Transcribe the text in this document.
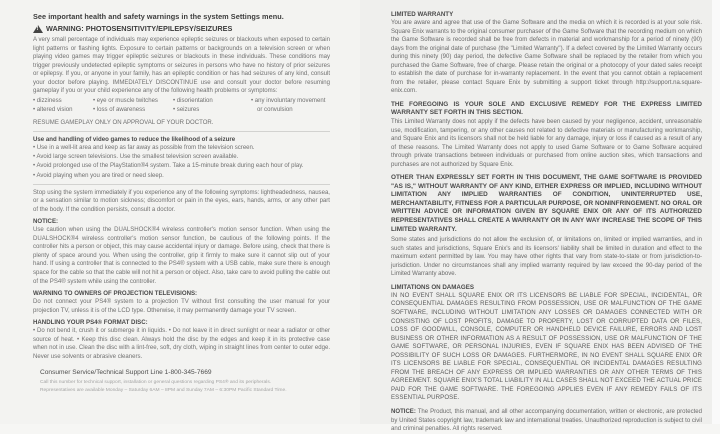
See important health and safety warnings in the system Settings menu.

!
WARNING: PHOTOSENSITIVITY/EPILEPSY/SEIZURES

A very small percentage of individuals may experience epileptic seizures or blackouts when exposed to certain light patterns or flashing lights. Exposure to certain patterns or backgrounds on a television screen or when playing video games may trigger epileptic seizures or blackouts in these individuals. These conditions may trigger previously undetected epileptic symptoms or seizures in persons who have no history of prior seizures or epilepsy. If you, or anyone in your family, has an epileptic condition or has had seizures of any kind, consult your doctor before playing. IMMEDIATELY DISCONTINUE use and consult your doctor before resuming gameplay if you or your child experience any of the following health problems or symptoms:

• dizziness
• altered vision
• eye or muscle twitches
• loss of awareness
• disorientation
• seizures
• any involuntary movement
or convulsion

RESUME GAMEPLAY ONLY ON APPROVAL OF YOUR DOCTOR.

Use and handling of video games to reduce the likelihood of a seizure

• Use in a well-lit area and keep as far away as possible from the television screen.

• Avoid large screen televisions. Use the smallest television screen available.

• Avoid prolonged use of the PlayStation®4 system. Take a 15-minute break during each hour of play.

• Avoid playing when you are tired or need sleep.

Stop using the system immediately if you experience any of the following symptoms: lightheadedness, nausea, or a sensation similar to motion sickness; discomfort or pain in the eyes, ears, hands, arms, or any other part of the body. If the condition persists, consult a doctor.

NOTICE:

Use caution when using the DUALSHOCK®4 wireless controller's motion sensor function. When using the DUALSHOCK®4 wireless controller's motion sensor function, be cautious of the following points. If the controller hits a person or object, this may cause accidental injury or damage. Before using, check that there is plenty of space around you. When using the controller, grip it firmly to make sure it cannot slip out of your hand. If using a controller that is connected to the PS4® system with a USB cable, make sure there is enough space for the cable so that the cable will not hit a person or object. Also, take care to avoid pulling the cable out of the PS4® system while using the controller.

WARNING TO OWNERS OF PROJECTION TELEVISIONS:

Do not connect your PS4® system to a projection TV without first consulting the user manual for your projection TV, unless it is of the LCD type. Otherwise, it may permanently damage your TV screen.

HANDLING YOUR PS4® FORMAT DISC:

• Do not bend it, crush it or submerge it in liquids. • Do not leave it in direct sunlight or near a radiator or other source of heat. • Keep this disc clean. Always hold the disc by the edges and keep it in its protective case when not in use. Clean the disc with a lint-free, soft, dry cloth, wiping in straight lines from center to outer edge. Never use solvents or abrasive cleaners.

Consumer Service/Technical Support Line 1-800-345-7669

Call this number for technical support, installation or general questions regarding PS4® and its peripherals.

Representatives are available Monday – Saturday 6AM – 8PM and Sunday 7AM – 6:30PM Pacific Standard Time.

LIMITED WARRANTY

You are aware and agree that use of the Game Software and the media on which it is recorded is at your sole risk. Square Enix warrants to the original consumer purchaser of the Game Software that the recording medium on which the Game Software is recorded shall be free from defects in material and workmanship for a period of ninety (90) days from the original date of purchase (the "Limited Warranty"). If a defect covered by the Limited Warranty occurs during this ninety (90) day period, the defective Game Software shall be replaced by the retailer from which you purchased the Game Software, free of charge. Please retain the original or a photocopy of your dated sales receipt to establish the date of purchase for in-warranty replacement. In the event that you cannot obtain a replacement from the retailer, please contact Square Enix by submitting a support ticket through http://support.na.square-enix.com.

THE FOREGOING IS YOUR SOLE AND EXCLUSIVE REMEDY FOR THE EXPRESS LIMITED WARRANTY SET FORTH IN THIS SECTION.

This Limited Warranty does not apply if the defects have been caused by your negligence, accident, unreasonable use, modification, tampering, or any other causes not related to defective materials or manufacturing workmanship, and Square Enix and its licensors shall not be held liable for any damage, injury or loss if caused as a result of any of these reasons. The Limited Warranty does not apply to used Game Software or to Game Software acquired through private transactions between individuals or purchased from online auction sites, which transactions and purchases are not authorized by Square Enix.

OTHER THAN EXPRESSLY SET FORTH IN THIS DOCUMENT, THE GAME SOFTWARE IS PROVIDED "AS IS," WITHOUT WARRANTY OF ANY KIND, EITHER EXPRESS OR IMPLIED, INCLUDING WITHOUT LIMITATION ANY IMPLIED WARRANTIES OF CONDITION, UNINTERRUPTED USE, MERCHANTABILITY, FITNESS FOR A PARTICULAR PURPOSE, OR NONINFRINGEMENT. NO ORAL OR WRITTEN ADVICE OR INFORMATION GIVEN BY SQUARE ENIX OR ANY OF ITS AUTHORIZED REPRESENTATIVES SHALL CREATE A WARRANTY OR IN ANY WAY INCREASE THE SCOPE OF THIS LIMITED WARRANTY.

Some states and jurisdictions do not allow the exclusion of, or limitations on, limited or implied warranties, and in such states and jurisdictions, Square Enix's and its licensors' liability shall be limited in duration and effect to the maximum extent permitted by law. You may have other rights that vary from state-to-state or from jurisdiction-to-jurisdiction. Under no circumstances shall any implied warranty required by law exceed the 90-day period of the Limited Warranty above.

LIMITATIONS ON DAMAGES

IN NO EVENT SHALL SQUARE ENIX OR ITS LICENSORS BE LIABLE FOR SPECIAL, INCIDENTAL, OR CONSEQUENTIAL DAMAGES RESULTING FROM POSSESSION, USE OR MALFUNCTION OF THE GAME SOFTWARE, INCLUDING WITHOUT LIMITATION ANY LOSSES OR DAMAGES CONNECTED WITH OR CONSISTING OF LOST PROFITS, DAMAGE TO PROPERTY, LOST OR CORRUPTED DATA OR FILES, LOSS OF GOODWILL, CONSOLE, COMPUTER OR HANDHELD DEVICE FAILURE, ERRORS AND LOST BUSINESS OR OTHER INFORMATION AS A RESULT OF POSSESSION, USE OR MALFUNCTION OF THE GAME SOFTWARE, OR PERSONAL INJURIES, EVEN IF SQUARE ENIX HAS BEEN ADVISED OF THE POSSIBILITY OF SUCH LOSS OR DAMAGES. FURTHERMORE, IN NO EVENT SHALL SQUARE ENIX OR ITS LICENSORS BE LIABLE FOR SPECIAL, CONSEQUENTIAL OR INCIDENTAL DAMAGES RESULTING FROM THE BREACH OF ANY EXPRESS OR IMPLIED WARRANTIES OR ANY OTHER TERMS OF THIS AGREEMENT. SQUARE ENIX'S TOTAL LIABILITY IN ALL CASES SHALL NOT EXCEED THE ACTUAL PRICE PAID FOR THE GAME SOFTWARE. THE FOREGOING APPLIES EVEN IF ANY REMEDY FAILS OF ITS ESSENTIAL PURPOSE.

NOTICE: The Product, this manual, and all other accompanying documentation, written or electronic, are protected by United States copyright law, trademark law and international treaties. Unauthorized reproduction is subject to civil and criminal penalties. All rights reserved.
